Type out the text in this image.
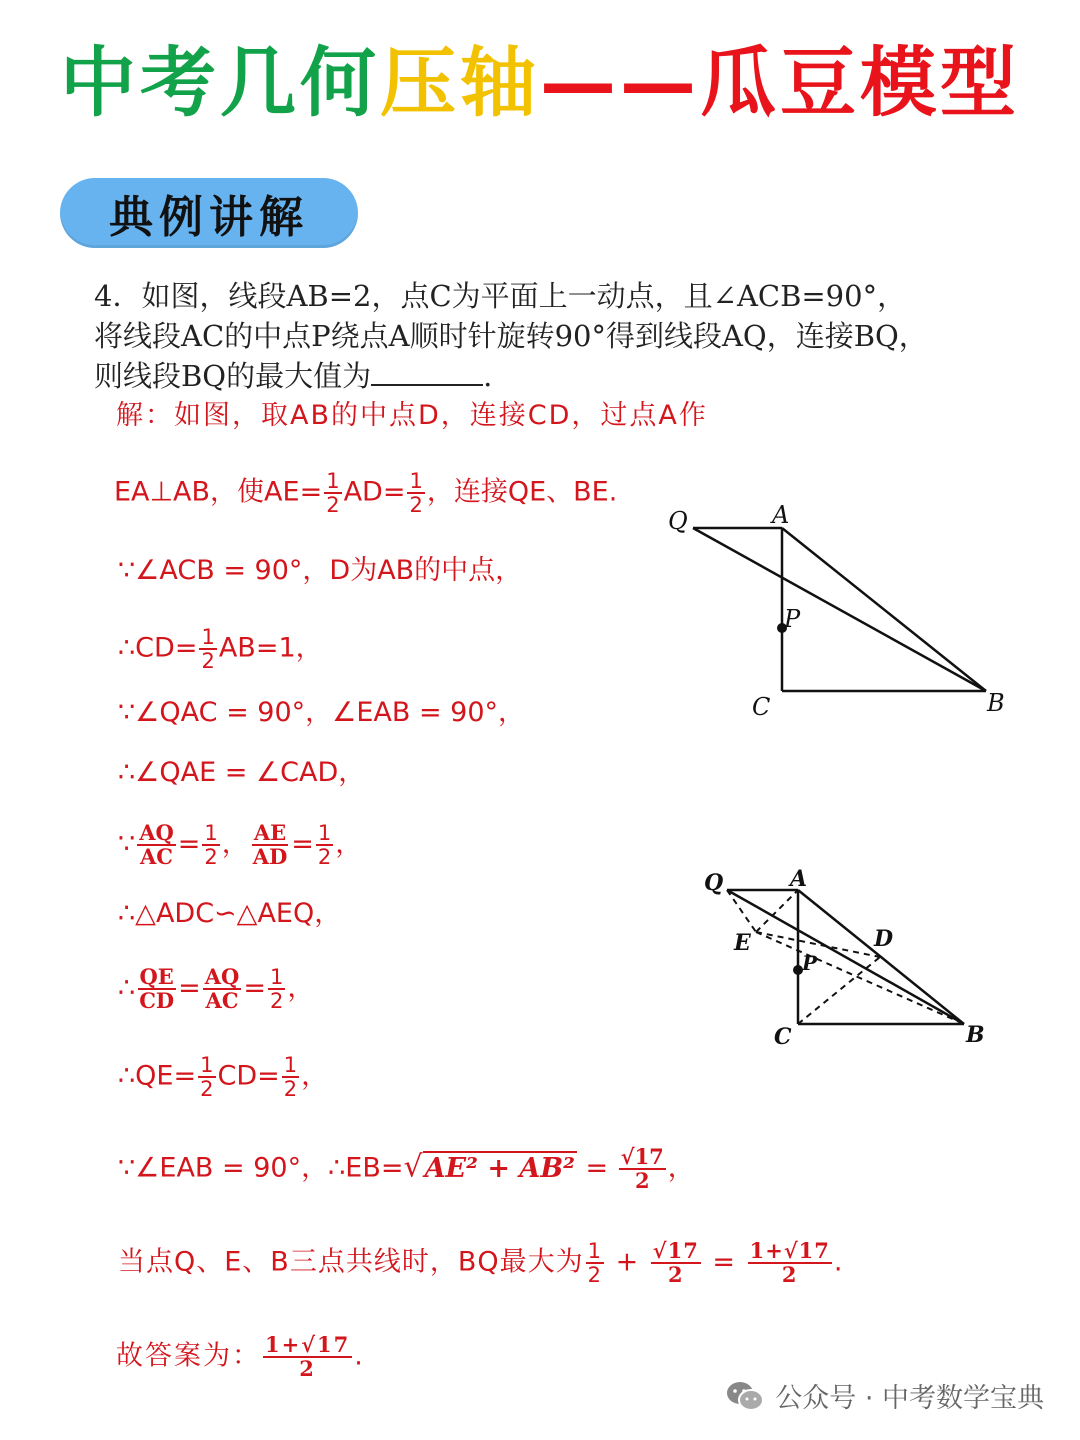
中考几何压轴——瓜豆模型
典例讲解
4．如图，线段AB=2，点C为平面上一动点，且∠ACB=90°，
将线段AC的中点P绕点A顺时针旋转90°得到线段AQ，连接BQ，
则线段BQ的最大值为	.
解：如图，取AB的中点D，连接CD，过点A作
EA⊥AB，使$AE= \frac{1}{2} AD= \frac{1}{2}$ ，连接QE、BE.
∵∠ACB = 90°，D为AB的中点，
∴CD= $\frac{1}{2} AB=1$，
∵∠QAC = 90°，∠EAB = 90°，
∴∠QAE = ∠CAD，
∵ $\frac{AQ}{AC} = \frac{1}{2}$ ， $\frac{AE}{AD} = \frac{1}{2}$ ，
∴△ADC∽△AEQ，
∴ $\frac{QE}{CD} = \frac{AQ}{AC} = \frac{1}{2}$ ，
∴QE= $\frac{1}{2} CD= \frac{1}{2}$ ，
∵∠EAB = 90°，∴EB=√AE² + $AB^2 = \frac{√17}{2}$ ，
当点Q、E、B三点共线时，BQ最大为 $\frac{1}{2} + \frac{√17}{2} = \frac{1+√17}{2}$ .
故答案为： $\frac{1+√17}{2}$ .
Q	A
P
C	B
Q	A
E	D
P
C	B
公众号 · 中考数学宝典
